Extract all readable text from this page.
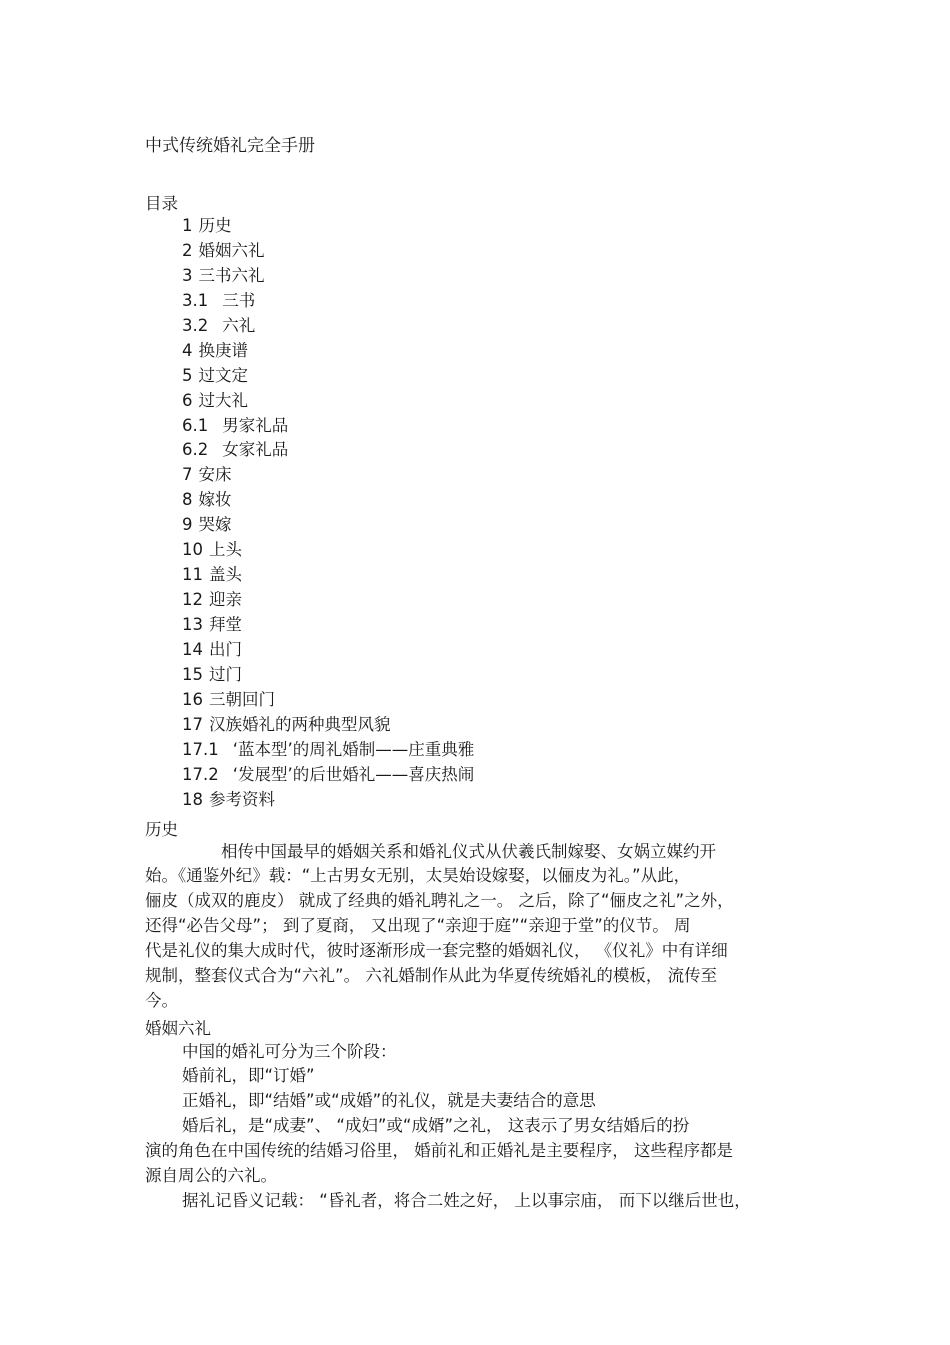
中式传统婚礼完全手册
目录
1 历史
2 婚姻六礼
3 三书六礼
3.1 三书
3.2 六礼
4 换庚谱
5 过文定
6 过大礼
6.1 男家礼品
6.2 女家礼品
7 安床
8 嫁妆
9 哭嫁
10 上头
11 盖头
12 迎亲
13 拜堂
14 出门
15 过门
16 三朝回门
17 汉族婚礼的两种典型风貌
17.1 ‘蓝本型’的周礼婚制——庄重典雅
17.2 ‘发展型’的后世婚礼——喜庆热闹
18 参考资料
历史
相传中国最早的婚姻关系和婚礼仪式从伏羲氏制嫁娶、女娲立媒约开
始。《通鉴外纪》载：“上古男女无别，太昊始设嫁娶，以俪皮为礼。”从此，
俪皮（成双的鹿皮） 就成了经典的婚礼聘礼之一。 之后，除了“俪皮之礼”之外，
还得“必告父母”； 到了夏商， 又出现了“亲迎于庭”“亲迎于堂”的仪节。 周
代是礼仪的集大成时代，彼时逐渐形成一套完整的婚姻礼仪， 《仪礼》中有详细
规制，整套仪式合为“六礼”。 六礼婚制作从此为华夏传统婚礼的模板， 流传至
今。
婚姻六礼
中国的婚礼可分为三个阶段：
婚前礼，即“订婚”
正婚礼，即“结婚”或“成婚”的礼仪，就是夫妻结合的意思
婚后礼，是“成妻”、 “成妇”或“成婿”之礼， 这表示了男女结婚后的扮
演的角色在中国传统的结婚习俗里， 婚前礼和正婚礼是主要程序， 这些程序都是
源自周公的六礼。
据礼记昏义记载： “昏礼者，将合二姓之好， 上以事宗庙， 而下以继后世也，
